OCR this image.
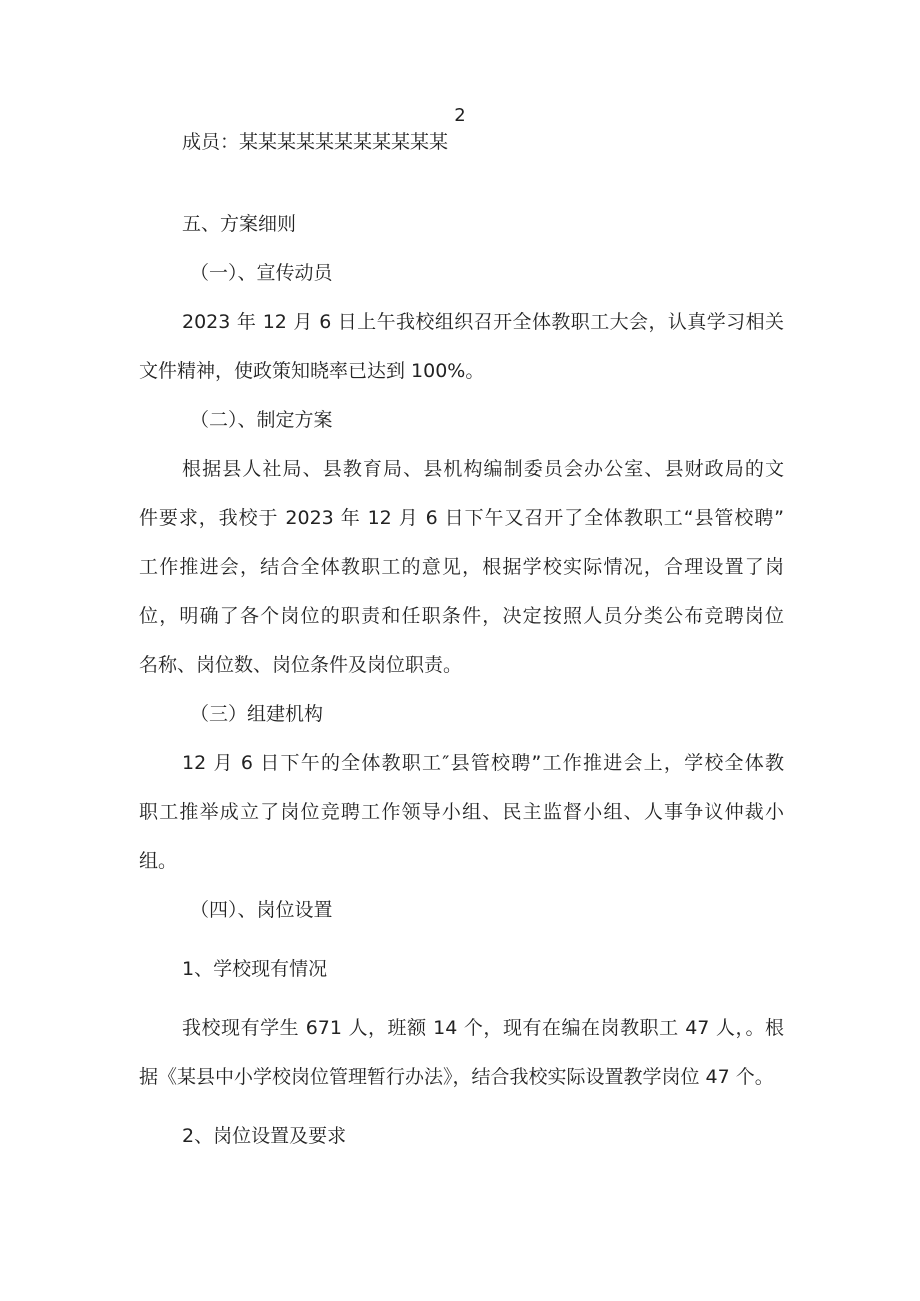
2

成员：某某某某某某某某某某某

五、方案细则

（一）、宣传动员

2023 年 12 月 6 日上午我校组织召开全体教职工大会，认真学习相关

文件精神，使政策知晓率已达到 100%。

（二）、制定方案

根据县人社局、县教育局、县机构编制委员会办公室、县财政局的文

件要求，我校于 2023 年 12 月 6 日下午又召开了全体教职工“县管校聘”

工作推进会，结合全体教职工的意见，根据学校实际情况，合理设置了岗

位，明确了各个岗位的职责和任职条件，决定按照人员分类公布竞聘岗位

名称、岗位数、岗位条件及岗位职责。

（三）组建机构

12 月 6 日下午的全体教职工″县管校聘”工作推进会上，学校全体教

职工推举成立了岗位竞聘工作领导小组、民主监督小组、人事争议仲裁小

组。

（四）、岗位设置

1、学校现有情况

我校现有学生 671 人，班额 14 个，现有在编在岗教职工 47 人，。根

据《某县中小学校岗位管理暂行办法》，结合我校实际设置教学岗位 47 个。

2、岗位设置及要求
